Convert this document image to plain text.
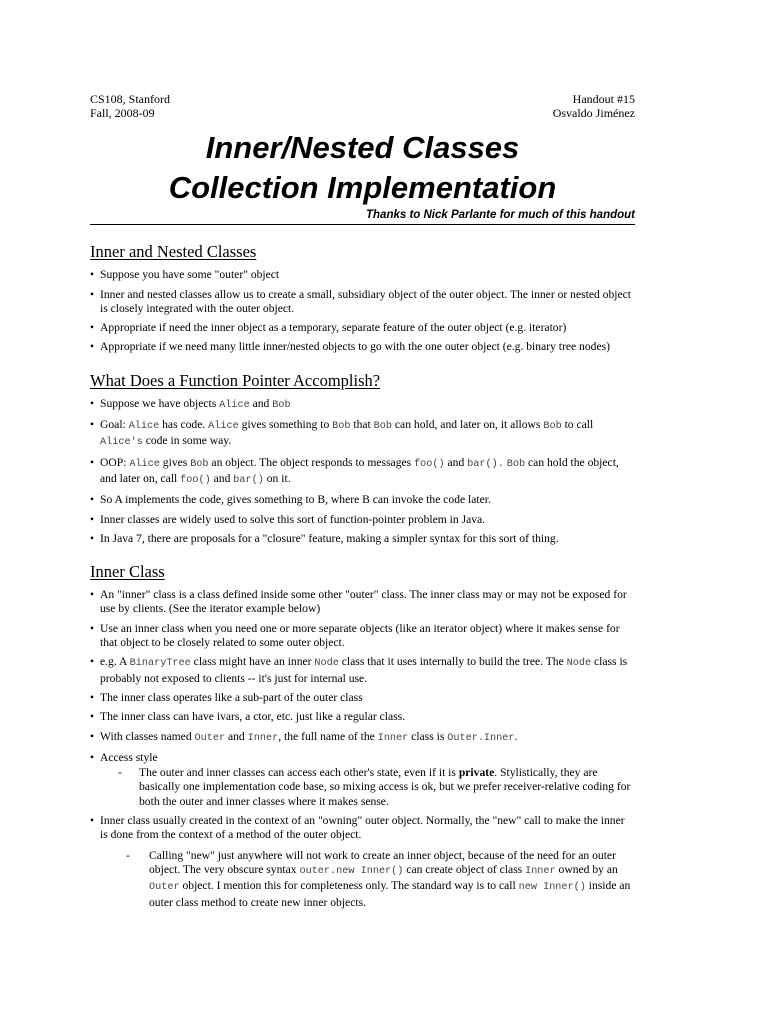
CS108, Stanford
Fall, 2008-09
Handout #15
Osvaldo Jiménez
Inner/Nested Classes
Collection Implementation
Thanks to Nick Parlante for much of this handout
Inner and Nested Classes
• Suppose you have some "outer" object
• Inner and nested classes allow us to create a small, subsidiary object of the outer object. The inner or nested object is closely integrated with the outer object.
• Appropriate if need the inner object as a temporary, separate feature of the outer object (e.g. iterator)
• Appropriate if we need many little inner/nested objects to go with the one outer object (e.g. binary tree nodes)
What Does a Function Pointer Accomplish?
• Suppose we have objects Alice and Bob
• Goal: Alice has code. Alice gives something to Bob that Bob can hold, and later on, it allows Bob to call Alice's code in some way.
• OOP: Alice gives Bob an object. The object responds to messages foo() and bar(). Bob can hold the object, and later on, call foo() and bar() on it.
• So A implements the code, gives something to B, where B can invoke the code later.
• Inner classes are widely used to solve this sort of function-pointer problem in Java.
• In Java 7, there are proposals for a "closure" feature, making a simpler syntax for this sort of thing.
Inner Class
• An "inner" class is a class defined inside some other "outer" class. The inner class may or may not be exposed for use by clients. (See the iterator example below)
• Use an inner class when you need one or more separate objects (like an iterator object) where it makes sense for that object to be closely related to some outer object.
• e.g. A BinaryTree class might have an inner Node class that it uses internally to build the tree. The Node class is probably not exposed to clients -- it's just for internal use.
• The inner class operates like a sub-part of the outer class
• The inner class can have ivars, a ctor, etc. just like a regular class.
• With classes named Outer and Inner, the full name of the Inner class is Outer.Inner.
• Access style
- The outer and inner classes can access each other's state, even if it is private. Stylistically, they are basically one implementation code base, so mixing access is ok, but we prefer receiver-relative coding for both the outer and inner classes where it makes sense.
• Inner class usually created in the context of an "owning" outer object. Normally, the "new" call to make the inner is done from the context of a method of the outer object.
- Calling "new" just anywhere will not work to create an inner object, because of the need for an outer object. The very obscure syntax outer.new Inner() can create object of class Inner owned by an Outer object. I mention this for completeness only. The standard way is to call new Inner() inside an outer class method to create new inner objects.
